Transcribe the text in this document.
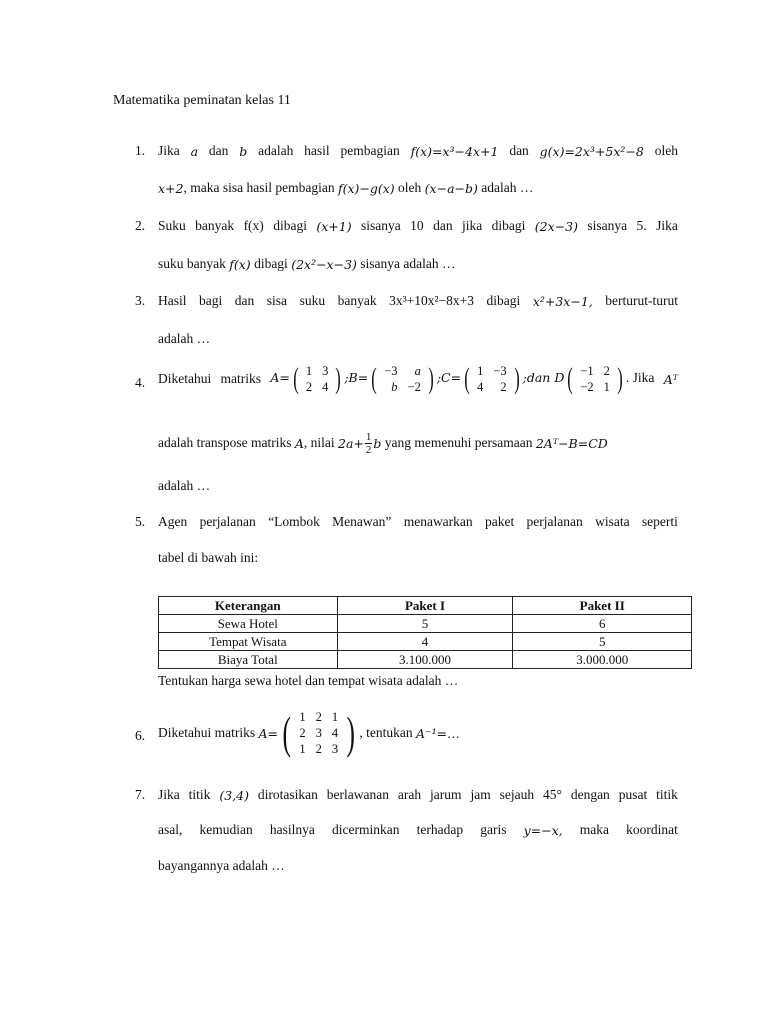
Matematika peminatan kelas 11
1. Jika a dan b adalah hasil pembagian f(x)=x³−4x+1 dan g(x)=2x³+5x²−8 oleh
x+2 , maka sisa hasil pembagian f(x)−g(x) oleh (x−a−b) adalah …
2. Suku banyak f(x) dibagi (x+1) sisanya 10 dan jika dibagi (2x−3) sisanya 5. Jika
suku banyak f(x) dibagi (2x²−x−3) sisanya adalah …
3. Hasil bagi dan sisa suku banyak 3x³+10x²−8x+3 dibagi x²+3x−1, berturut-turut
adalah …
4. Diketahui matriks A= ( 1	3
2	4 ) ;B= ( −3	a
b	−2 ) ;C= ( 1	−3
4	2 ) ;dan D ( −1	2
−2	1 ) . Jika Aᵀ
adalah transpose matriks A , nilai $2a+ \frac{1}{2}$ b yang memenuhi persamaan 2Aᵀ−B=CD
adalah …
5. Agen perjalanan “Lombok Menawan” menawarkan paket perjalanan wisata seperti
tabel di bawah ini:
Keterangan	Paket I	Paket II
Sewa Hotel	5	6
Tempat Wisata	4	5
Biaya Total	3.100.000	3.000.000
Tentukan harga sewa hotel dan tempat wisata adalah …
6. Diketahui matriks A= ( 1	2	1
2	3	4
1	2	3 ) , tentukan A⁻¹=…
7. Jika titik (3,4) dirotasikan berlawanan arah jarum jam sejauh 45° dengan pusat titik
asal, kemudian hasilnya dicerminkan terhadap garis y=−x, maka koordinat
bayangannya adalah …
